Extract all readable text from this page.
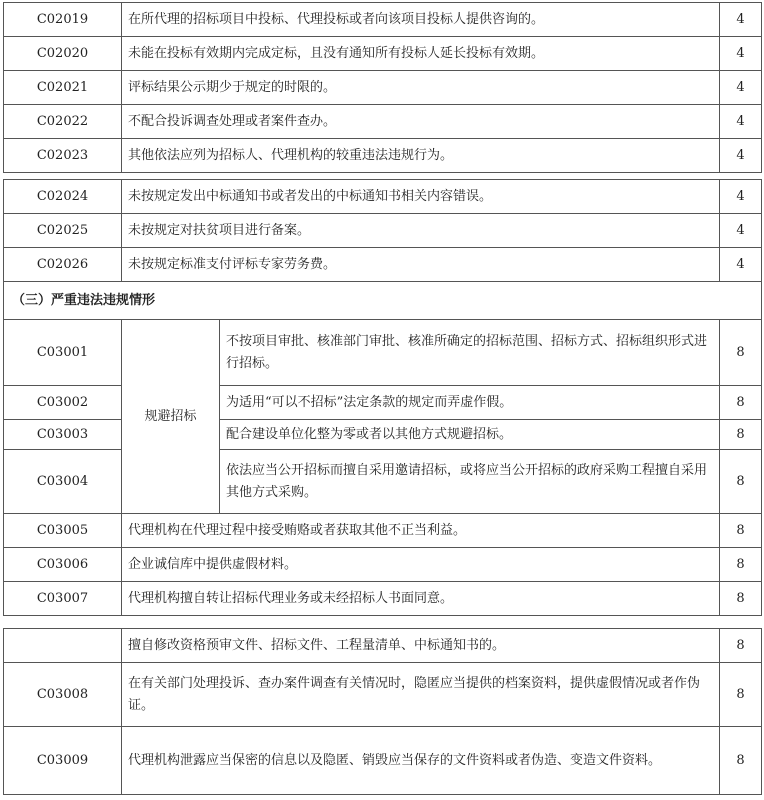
C02019	在所代理的招标项目中投标、代理投标或者向该项目投标人提供咨询的。	4
C02020	未能在投标有效期内完成定标，且没有通知所有投标人延长投标有效期。	4
C02021	评标结果公示期少于规定的时限的。	4
C02022	不配合投诉调查处理或者案件查办。	4
C02023	其他依法应列为招标人、代理机构的较重违法违规行为。	4
C02024	未按规定发出中标通知书或者发出的中标通知书相关内容错误。		4
C02025	未按规定对扶贫项目进行备案。		4
C02026	未按规定标准支付评标专家劳务费。		4
（三）严重违法违规情形			
C03001	规避招标	不按项目审批、核准部门审批、核准所确定的招标范围、招标方式、招标组织形式进行招标。	8
C03002		为适用“可以不招标”法定条款的规定而弄虚作假。	8
C03003		配合建设单位化整为零或者以其他方式规避招标。	8
C03004		依法应当公开招标而擅自采用邀请招标，或将应当公开招标的政府采购工程擅自采用其他方式采购。	8
C03005	代理机构在代理过程中接受贿赂或者获取其他不正当利益。		8
C03006	企业诚信库中提供虚假材料。		8
C03007	代理机构擅自转让招标代理业务或未经招标人书面同意。		8
	擅自修改资格预审文件、招标文件、工程量清单、中标通知书的。	8
C03008	在有关部门处理投诉、查办案件调查有关情况时，隐匿应当提供的档案资料，提供虚假情况或者作伪证。	8
C03009	代理机构泄露应当保密的信息以及隐匿、销毁应当保存的文件资料或者伪造、变造文件资料。	8
